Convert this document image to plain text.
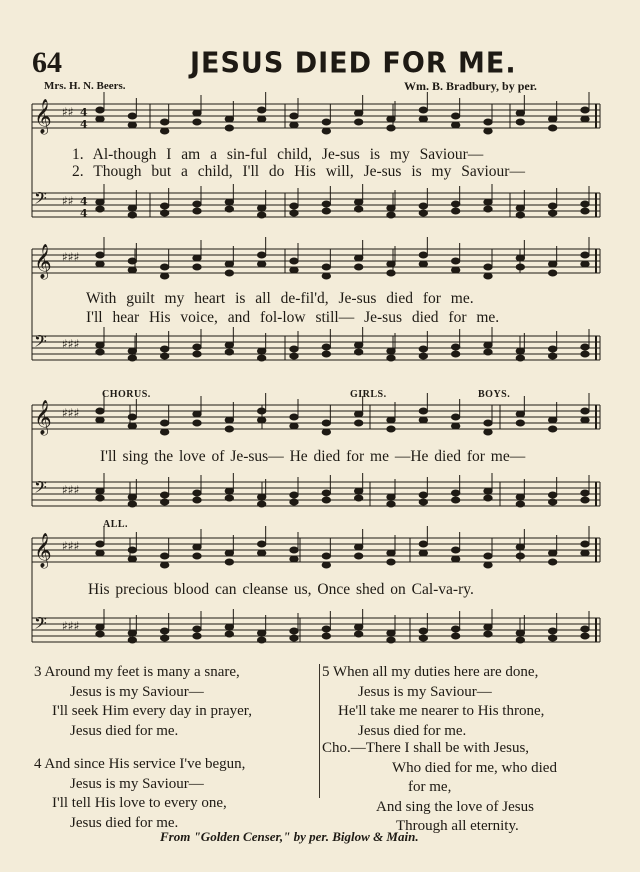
64	JESUS DIED FOR ME.
Mrs. H. N. Beers.	Wm. B. Bradbury, by per.
𝄞 ♯♯ 4
4
𝄢 ♯♯ 4
4
𝄞 ♯♯♯
𝄢 ♯♯♯
𝄞 ♯♯♯
𝄢 ♯♯♯
𝄞 ♯♯♯
𝄢 ♯♯♯
1. Al-though I am a sin-ful child, Je-sus is my Saviour—
2. Though but a child, I'll do His will, Je-sus is my Saviour—
With guilt my heart is all de-fil'd, Je-sus died for me.
I'll hear His voice, and fol-low still— Je-sus died for me.
CHORUS.	GIRLS.	BOYS.
I'll sing the love of Je-sus— He died for me —He died for me—
ALL.
His precious blood can cleanse us, Once shed on Cal-va-ry.
3 Around my feet is many a snare,
Jesus is my Saviour—
I'll seek Him every day in prayer,
Jesus died for me.
4 And since His service I've begun,
Jesus is my Saviour—
I'll tell His love to every one,
Jesus died for me.
5 When all my duties here are done,
Jesus is my Saviour—
He'll take me nearer to His throne,
Jesus died for me.
Cho.—There I shall be with Jesus,
Who died for me, who died
for me,
And sing the love of Jesus
Through all eternity.
From "Golden Censer," by per. Biglow & Main.
